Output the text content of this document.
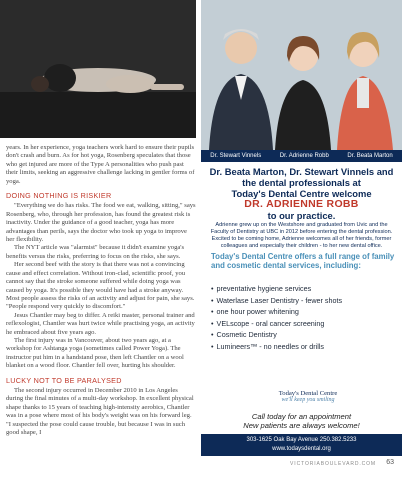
years. In her experience, yoga teachers work hard to ensure their pupils don't crash and burn. As for hot yoga, Rosenberg speculates that those who get injured are more of the Type A personalities who push past their limits, seeking an aggressive challenge lacking in gentler forms of yoga.

DOING NOTHING IS RISKIER

"Everything we do has risks. The food we eat, walking, sitting," says Rosenberg, who, through her profession, has found the greatest risk is inactivity. Under the guidance of a good teacher, yoga has more advantages than perils, says the doctor who took up yoga to improve her flexibility.

The NYT article was "alarmist" because it didn't examine yoga's benefits versus the risks, preferring to focus on the risks, she says.

Her second beef with the story is that there was not a convincing cause and effect correlation. Without iron-clad, scientific proof, you cannot say that the stroke someone suffered while doing yoga was caused by yoga. It's possible they would have had a stroke anyway. Most people assess the risks of an activity and adjust for pain, she says. "People respond very quickly to discomfort."

Jesus Chantler may beg to differ. A reiki master, personal trainer and reflexologist, Chantler was hurt twice while practising yoga, an activity he embraced about five years ago.

The first injury was in Vancouver, about two years ago, at a workshop for Ashtanga yoga (sometimes called Power Yoga). The instructor put him in a handstand pose, then left Chantler on a wool blanket on a wood floor. Chantler fell over, hurting his shoulder.

LUCKY NOT TO BE PARALYSED

The second injury occurred in December 2010 in Los Angeles during the final minutes of a multi-day workshop. In excellent physical shape thanks to 15 years of teaching high-intensity aerobics, Chantler was in a pose where most of his body's weight was on his forward leg. "I suspected the pose could cause trouble, but because I was in such good shape, I

Dr. Stewart Vinnels	Dr. Adrienne Robb	Dr. Beata Marton
Dr. Beata Marton, Dr. Stewart Vinnels and
the dental professionals at
Today's Dental Centre welcome
DR. ADRIENNE ROBB
to our practice.
Adrienne grew up on the Westshore and graduated from Uvic and the Faculty of Dentistry at UBC in 2012 before entering the dental profession. Excited to be coming home, Adrienne welcomes all of her friends, former colleagues and especially their children - to her new dental office.
Today's Dental Centre offers a full range of family and cosmetic dental services, including:
• preventative hygiene services
• Waterlase Laser Dentistry - fewer shots
• one hour power whitening
• VELscope - oral cancer screening
• Cosmetic Dentistry
• Lumineers™ - no needles or drills
Today's Dental Centre
we'll keep you smiling
Call today for an appointment
New patients are always welcome!
303-1625 Oak Bay Avenue 250.382.5233
www.todaysdental.org
VICTORIABOULEVARD.COM 63
